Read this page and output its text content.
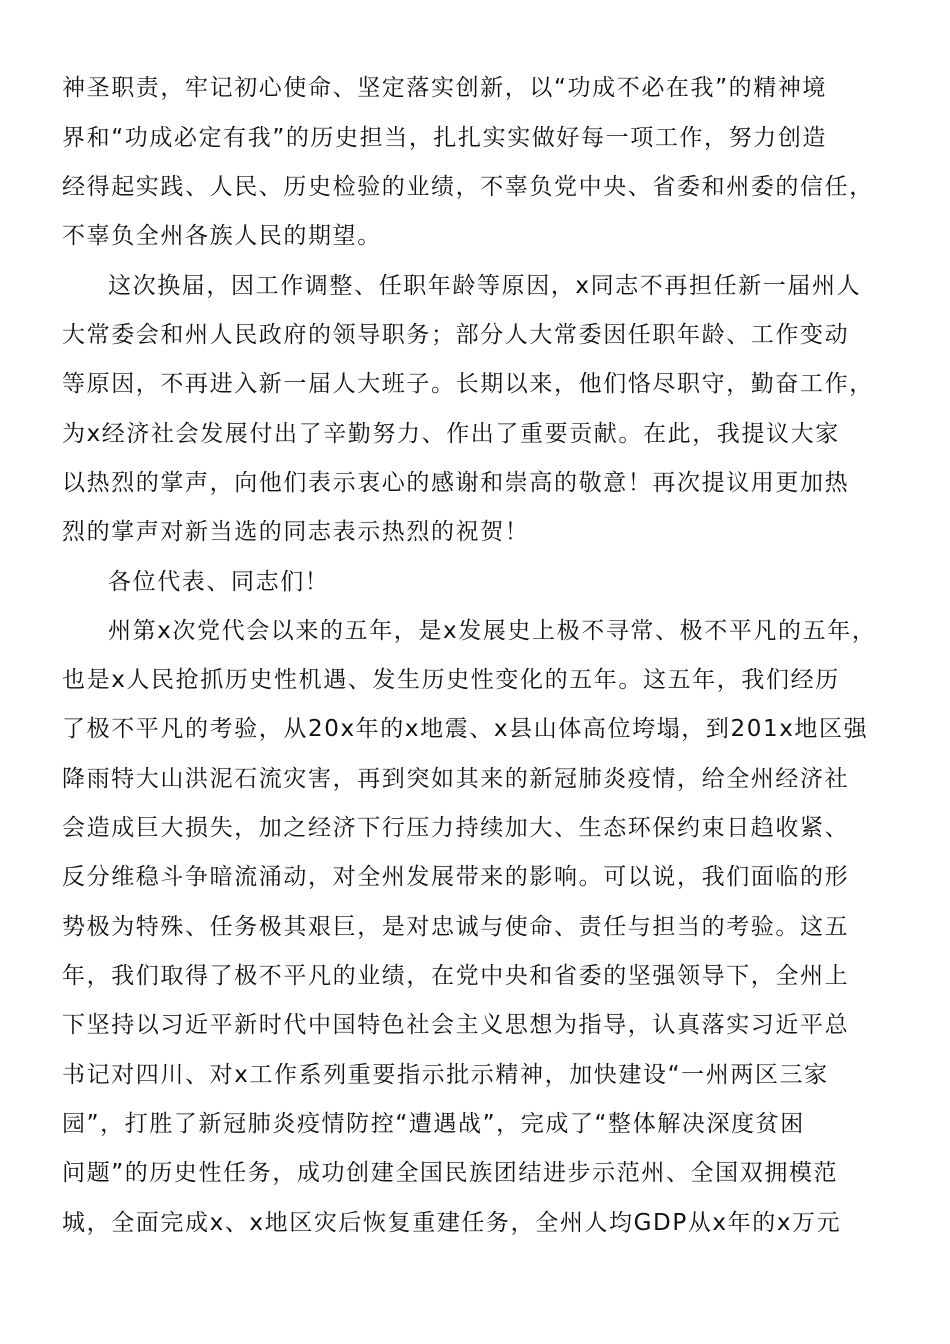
神圣职责，牢记初心使命、坚定落实创新，以“功成不必在我”的精神境
界和“功成必定有我”的历史担当，扎扎实实做好每一项工作，努力创造
经得起实践、人民、历史检验的业绩，不辜负党中央、省委和州委的信任，
不辜负全州各族人民的期望。
这次换届，因工作调整、任职年龄等原因，x同志不再担任新一届州人
大常委会和州人民政府的领导职务；部分人大常委因任职年龄、工作变动
等原因，不再进入新一届人大班子。长期以来，他们恪尽职守，勤奋工作，
为x经济社会发展付出了辛勤努力、作出了重要贡献。在此，我提议大家
以热烈的掌声，向他们表示衷心的感谢和崇高的敬意！再次提议用更加热
烈的掌声对新当选的同志表示热烈的祝贺！
各位代表、同志们！
州第x次党代会以来的五年，是x发展史上极不寻常、极不平凡的五年，
也是x人民抢抓历史性机遇、发生历史性变化的五年。这五年，我们经历
了极不平凡的考验，从20x年的x地震、x县山体高位垮塌，到201x地区强
降雨特大山洪泥石流灾害，再到突如其来的新冠肺炎疫情，给全州经济社
会造成巨大损失，加之经济下行压力持续加大、生态环保约束日趋收紧、
反分维稳斗争暗流涌动，对全州发展带来的影响。可以说，我们面临的形
势极为特殊、任务极其艰巨，是对忠诚与使命、责任与担当的考验。这五
年，我们取得了极不平凡的业绩，在党中央和省委的坚强领导下，全州上
下坚持以习近平新时代中国特色社会主义思想为指导，认真落实习近平总
书记对四川、对x工作系列重要指示批示精神，加快建设“一州两区三家
园”，打胜了新冠肺炎疫情防控“遭遇战”，完成了“整体解决深度贫困
问题”的历史性任务，成功创建全国民族团结进步示范州、全国双拥模范
城，全面完成x、x地区灾后恢复重建任务，全州人均GDP从x年的x万元
